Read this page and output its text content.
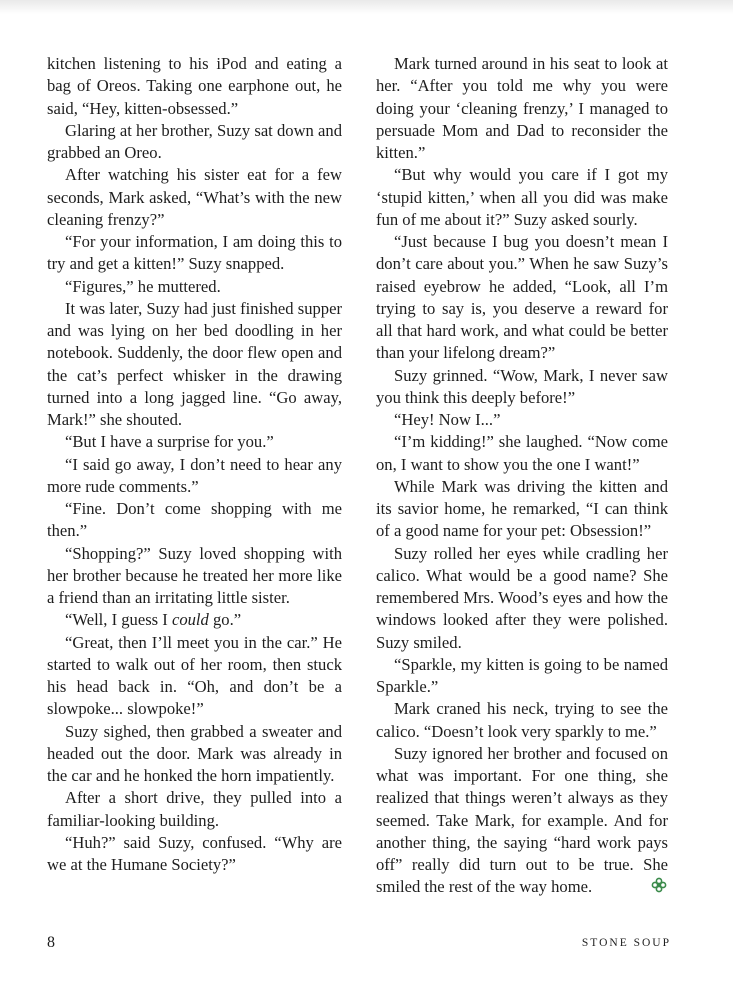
kitchen listening to his iPod and eating a bag of Oreos. Taking one earphone out, he said, “Hey, kitten-obsessed.”

Glaring at her brother, Suzy sat down and grabbed an Oreo.

After watching his sister eat for a few seconds, Mark asked, “What’s with the new cleaning frenzy?”

“For your information, I am doing this to try and get a kitten!” Suzy snapped.

“Figures,” he muttered.

It was later, Suzy had just finished supper and was lying on her bed doodling in her notebook. Suddenly, the door flew open and the cat’s perfect whisker in the drawing turned into a long jagged line. “Go away, Mark!” she shouted.

“But I have a surprise for you.”

“I said go away, I don’t need to hear any more rude comments.”

“Fine. Don’t come shopping with me then.”

“Shopping?” Suzy loved shopping with her brother because he treated her more like a friend than an irritating little sister.

“Well, I guess I could go.”

“Great, then I’ll meet you in the car.” He started to walk out of her room, then stuck his head back in. “Oh, and don’t be a slowpoke... slowpoke!”

Suzy sighed, then grabbed a sweater and headed out the door. Mark was already in the car and he honked the horn impatiently.

After a short drive, they pulled into a familiar-looking building.

“Huh?” said Suzy, confused. “Why are we at the Humane Society?”

Mark turned around in his seat to look at her. “After you told me why you were doing your ‘cleaning frenzy,’ I managed to persuade Mom and Dad to reconsider the kitten.”

“But why would you care if I got my ‘stupid kitten,’ when all you did was make fun of me about it?” Suzy asked sourly.

“Just because I bug you doesn’t mean I don’t care about you.” When he saw Suzy’s raised eyebrow he added, “Look, all I’m trying to say is, you deserve a reward for all that hard work, and what could be better than your lifelong dream?”

Suzy grinned. “Wow, Mark, I never saw you think this deeply before!”

“Hey! Now I...”

“I’m kidding!” she laughed. “Now come on, I want to show you the one I want!”

While Mark was driving the kitten and its savior home, he remarked, “I can think of a good name for your pet: Obsession!”

Suzy rolled her eyes while cradling her calico. What would be a good name? She remembered Mrs. Wood’s eyes and how the windows looked after they were polished. Suzy smiled.

“Sparkle, my kitten is going to be named Sparkle.”

Mark craned his neck, trying to see the calico. “Doesn’t look very sparkly to me.”

Suzy ignored her brother and focused on what was important. For one thing, she realized that things weren’t always as they seemed. Take Mark, for example. And for another thing, the saying “hard work pays off” really did turn out to be true. She smiled the rest of the way home.

8	STONE SOUP
